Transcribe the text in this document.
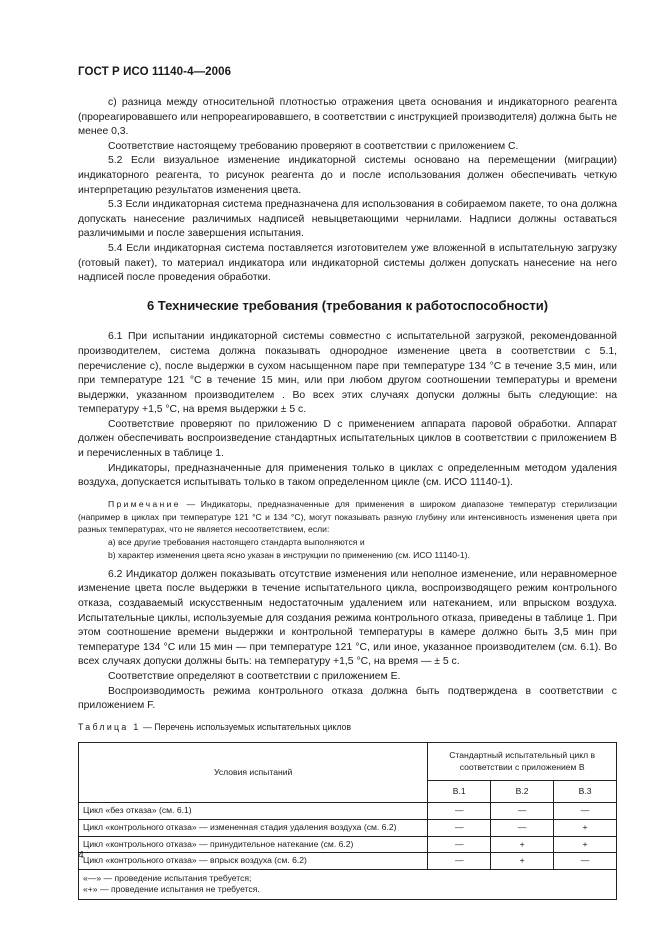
ГОСТ Р ИСО 11140-4—2006

с) разница между относительной плотностью отражения цвета основания и индикаторного реагента (прореагировавшего или непрореагировавшего, в соответствии с инструкцией производителя) должна быть не менее 0,3.

Соответствие настоящему требованию проверяют в соответствии с приложением С.

5.2 Если визуальное изменение индикаторной системы основано на перемещении (миграции) индикаторного реагента, то рисунок реагента до и после использования должен обеспечивать четкую интерпретацию результатов изменения цвета.

5.3 Если индикаторная система предназначена для использования в собираемом пакете, то она должна допускать нанесение различимых надписей невыцветающими чернилами. Надписи должны оставаться различимыми и после завершения испытания.

5.4 Если индикаторная система поставляется изготовителем уже вложенной в испытательную загрузку (готовый пакет), то материал индикатора или индикаторной системы должен допускать нанесение на него надписей после проведения обработки.

6 Технические требования (требования к работоспособности)

6.1 При испытании индикаторной системы совместно с испытательной загрузкой, рекомендованной производителем, система должна показывать однородное изменение цвета в соответствии с 5.1, перечисление с), после выдержки в сухом насыщенном паре при температуре 134 °С в течение 3,5 мин, или при температуре 121 °С в течение 15 мин, или при любом другом соотношении температуры и времени выдержки, указанном производителем . Во всех этих случаях допуски должны быть следующие: на температуру +1,5 °С, на время выдержки ± 5 с.

Соответствие проверяют по приложению D с применением аппарата паровой обработки. Аппарат должен обеспечивать воспроизведение стандартных испытательных циклов в соответствии с приложением В и перечисленных в таблице 1.

Индикаторы, предназначенные для применения только в циклах с определенным методом удаления воздуха, допускается испытывать только в таком определенном цикле (см. ИСО 11140-1).

Примечание — Индикаторы, предназначенные для применения в широком диапазоне температур стерилизации (например в циклах при температуре 121 °С и 134 °С), могут показывать разную глубину или интенсивность изменения цвета при разных температурах, что не является несоответствием, если:

а) все другие требования настоящего стандарта выполняются и

b) характер изменения цвета ясно указан в инструкции по применению (см. ИСО 11140-1).

6.2 Индикатор должен показывать отсутствие изменения или неполное изменение, или неравномерное изменение цвета после выдержки в течение испытательного цикла, воспроизводящего режим контрольного отказа, создаваемый искусственным недостаточным удалением или натеканием, или впрыском воздуха. Испытательные циклы, используемые для создания режима контрольного отказа, приведены в таблице 1. При этом соотношение времени выдержки и контрольной температуры в камере должно быть 3,5 мин при температуре 134 °С или 15 мин — при температуре 121 °С, или иное, указанное производителем (см. 6.1). Во всех случаях допуски должны быть: на температуру +1,5 °С, на время — ± 5 с.

Соответствие определяют в соответствии с приложением Е.

Воспроизводимость режима контрольного отказа должна быть подтверждена в соответствии с приложением F.

Таблица 1 — Перечень используемых испытательных циклов
Условия испытаний	Стандартный испытательный цикл в соответствии с приложением В		
	В.1	В.2	В.3
Цикл «без отказа» (см. 6.1)	—	—	—
Цикл «контрольного отказа» — измененная стадия удаления воздуха (см. 6.2)	—	—	+
Цикл «контрольного отказа» — принудительное натекание (см. 6.2)	—	+	+
Цикл «контрольного отказа» — впрыск воздуха (см. 6.2)	—	+	—

«—» — проведение испытания требуется;
«+» — проведение испытания не требуется.			
4
